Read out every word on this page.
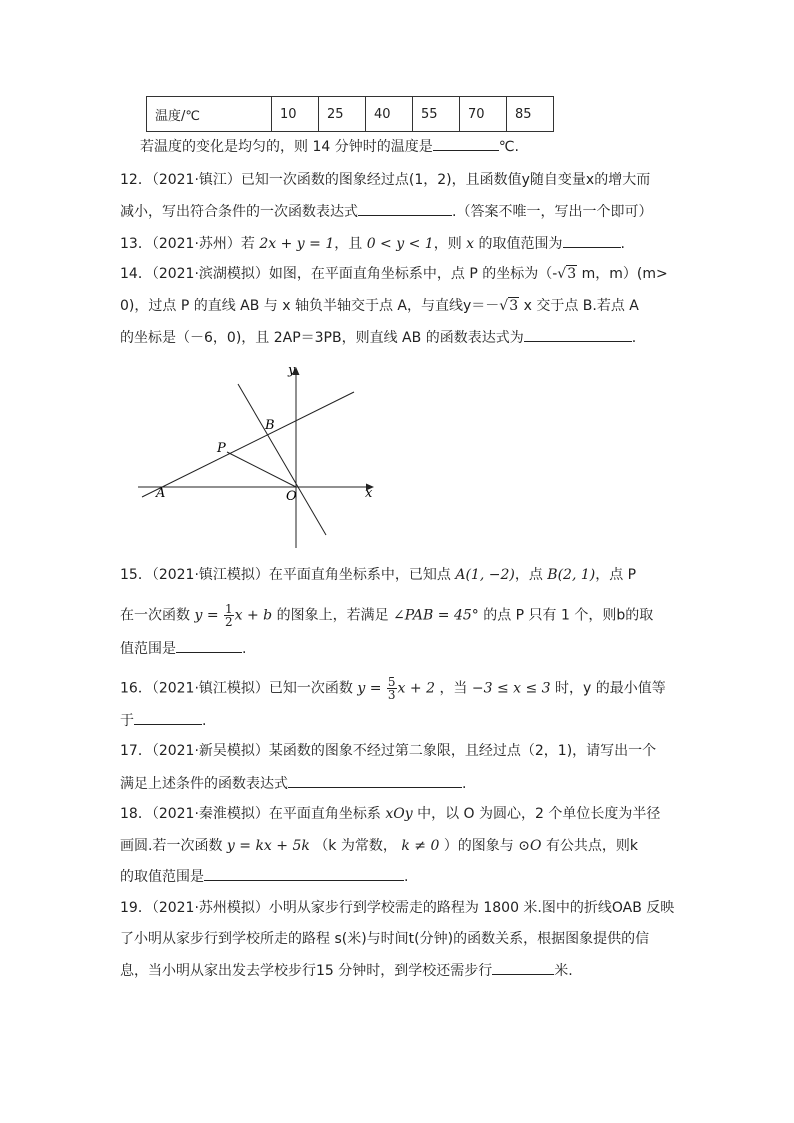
温度/℃	10	25	40	55	70	85
若温度的变化是均匀的，则 14 分钟时的温度是	℃.
12．（2021·镇江）已知一次函数的图象经过点(1，2)，且函数值y随自变量x的增大而
减小，写出符合条件的一次函数表达式	.（答案不唯一，写出一个即可）
13．（2021·苏州）若 2x + y = 1，且 0 < y < 1，则 x 的取值范围为	.
14．（2021·滨湖模拟）如图，在平面直角坐标系中，点 P 的坐标为（-√3 m，m）(m>
0)，过点 P 的直线 AB 与 x 轴负半轴交于点 A，与直线y＝－√3 x 交于点 B.若点 A
的坐标是（－6，0)，且 2AP＝3PB，则直线 AB 的函数表达式为	.
y
x
O
A
B
P
15．（2021·镇江模拟）在平面直角坐标系中，已知点 A(1, −2)，点 B(2, 1)，点 P
在一次函数 $y = \frac{1}{2}$ x + b 的图象上，若满足 ∠PAB = 45° 的点 P 只有 1 个，则b的取
值范围是	.
16．（2021·镇江模拟）已知一次函数 $y = \frac{5}{3}$ x + 2 ，当 −3 ≤ x ≤ 3 时，y 的最小值等
于	.
17．（2021·新吴模拟）某函数的图象不经过第二象限，且经过点（2，1)，请写出一个
满足上述条件的函数表达式	.
18．（2021·秦淮模拟）在平面直角坐标系 xOy 中，以 O 为圆心，2 个单位长度为半径
画圆.若一次函数 y = kx + 5k （k 为常数， k ≠ 0 ）的图象与 ⊙O 有公共点，则k
的取值范围是	.
19．（2021·苏州模拟）小明从家步行到学校需走的路程为 1800 米.图中的折线OAB 反映
了小明从家步行到学校所走的路程 s(米)与时间t(分钟)的函数关系，根据图象提供的信
息，当小明从家出发去学校步行15 分钟时，到学校还需步行	米.
